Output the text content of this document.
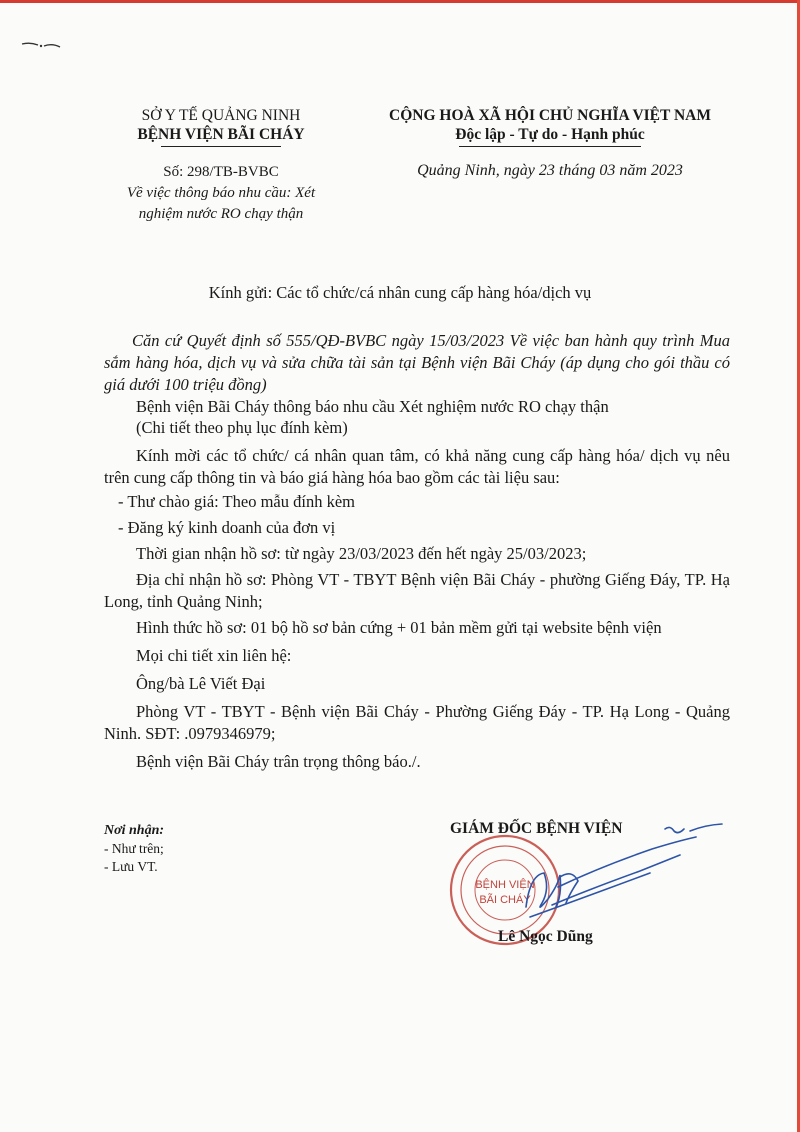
SỞ Y TẾ QUẢNG NINH
BỆNH VIỆN BÃI CHÁY
CỘNG HOÀ XÃ HỘI CHỦ NGHĨA VIỆT NAM
Độc lập - Tự do - Hạnh phúc
Số: 298/TB-BVBC
Về việc thông báo nhu cầu: Xét
nghiệm nước RO chạy thận
Quảng Ninh, ngày 23 tháng 03 năm 2023
Kính gửi: Các tổ chức/cá nhân cung cấp hàng hóa/dịch vụ

Căn cứ Quyết định số 555/QĐ-BVBC ngày 15/03/2023 Về việc ban hành quy trình Mua sắm hàng hóa, dịch vụ và sửa chữa tài sản tại Bệnh viện Bãi Cháy (áp dụng cho gói thầu có giá dưới 100 triệu đồng)

Bệnh viện Bãi Cháy thông báo nhu cầu Xét nghiệm nước RO chạy thận

(Chi tiết theo phụ lục đính kèm)

Kính mời các tổ chức/ cá nhân quan tâm, có khả năng cung cấp hàng hóa/ dịch vụ nêu trên cung cấp thông tin và báo giá hàng hóa bao gồm các tài liệu sau:

- Thư chào giá: Theo mẫu đính kèm

- Đăng ký kinh doanh của đơn vị

Thời gian nhận hồ sơ: từ ngày 23/03/2023 đến hết ngày 25/03/2023;

Địa chỉ nhận hồ sơ: Phòng VT - TBYT Bệnh viện Bãi Cháy - phường Giếng Đáy, TP. Hạ Long, tỉnh Quảng Ninh;

Hình thức hồ sơ: 01 bộ hồ sơ bản cứng + 01 bản mềm gửi tại website bệnh viện

Mọi chi tiết xin liên hệ:

Ông/bà Lê Viết Đại

Phòng VT - TBYT - Bệnh viện Bãi Cháy - Phường Giếng Đáy - TP. Hạ Long - Quảng Ninh. SĐT: .0979346979;

Bệnh viện Bãi Cháy trân trọng thông báo./.

Nơi nhận:
- Như trên;
- Lưu VT.
BỆNH VIỆN
BÃI CHÁY
GIÁM ĐỐC BỆNH VIỆN
Lê Ngọc Dũng
